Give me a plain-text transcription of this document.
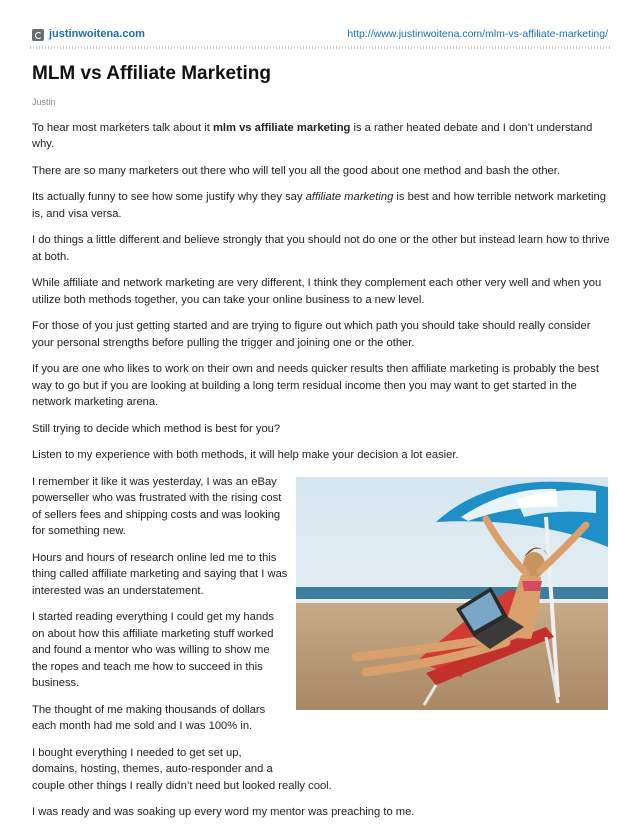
justinwoitena.com	http://www.justinwoitena.com/mlm-vs-affiliate-marketing/
MLM vs Affiliate Marketing
Justin

To hear most marketers talk about it mlm vs affiliate marketing is a rather heated debate and I don’t understand why.

There are so many marketers out there who will tell you all the good about one method and bash the other.

Its actually funny to see how some justify why they say affiliate marketing is best and how terrible network marketing is, and visa versa.

I do things a little different and believe strongly that you should not do one or the other but instead learn how to thrive at both.

While affiliate and network marketing are very different, I think they complement each other very well and when you utilize both methods together, you can take your online business to a new level.

For those of you just getting started and are trying to figure out which path you should take should really consider your personal strengths before pulling the trigger and joining one or the other.

If you are one who likes to work on their own and needs quicker results then affiliate marketing is probably the best way to go but if you are looking at building a long term residual income then you may want to get started in the network marketing arena.

Still trying to decide which method is best for you?

Listen to my experience with both methods, it will help make your decision a lot easier.

I remember it like it was yesterday, I was an eBay powerseller who was frustrated with the rising cost of sellers fees and shipping costs and was looking for something new.

Hours and hours of research online led me to this thing called affiliate marketing and saying that I was interested was an understatement.

I started reading everything I could get my hands on about how this affiliate marketing stuff worked and found a mentor who was willing to show me the ropes and teach me how to succeed in this business.

The thought of me making thousands of dollars each month had me sold and I was 100% in.

I bought everything I needed to get set up,
domains, hosting, themes, auto-responder and a
couple other things I really didn’t need but looked really cool.

I was ready and was soaking up every word my mentor was preaching to me.
